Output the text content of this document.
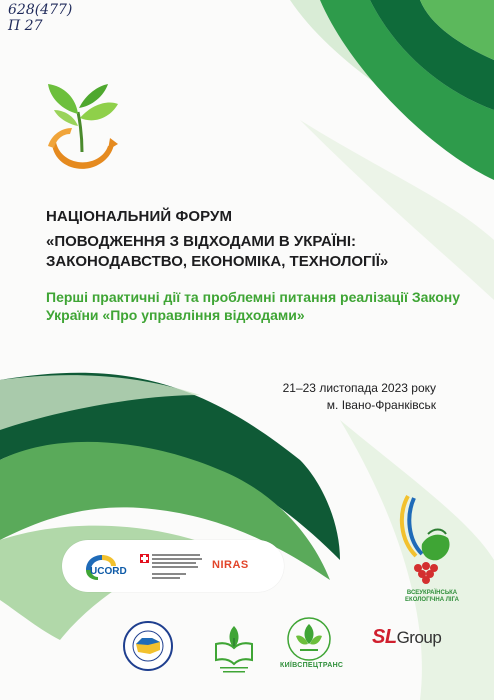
628(477)
П 27
НАЦІОНАЛЬНИЙ ФОРУМ
«ПОВОДЖЕННЯ З ВІДХОДАМИ В УКРАЇНІ: ЗАКОНОДАВСТВО, ЕКОНОМІКА, ТЕХНОЛОГІЇ»
Перші практичні дії та проблемні питання реалізації Закону України «Про управління відходами»
21–23 листопада 2023 року
м. Івано-Франківськ
UCORD
NIRAS
ВСЕУКРАЇНСЬКА ЕКОЛОГІЧНА ЛІГА
КИЇВСПЕЦТРАНС
SLGroup
